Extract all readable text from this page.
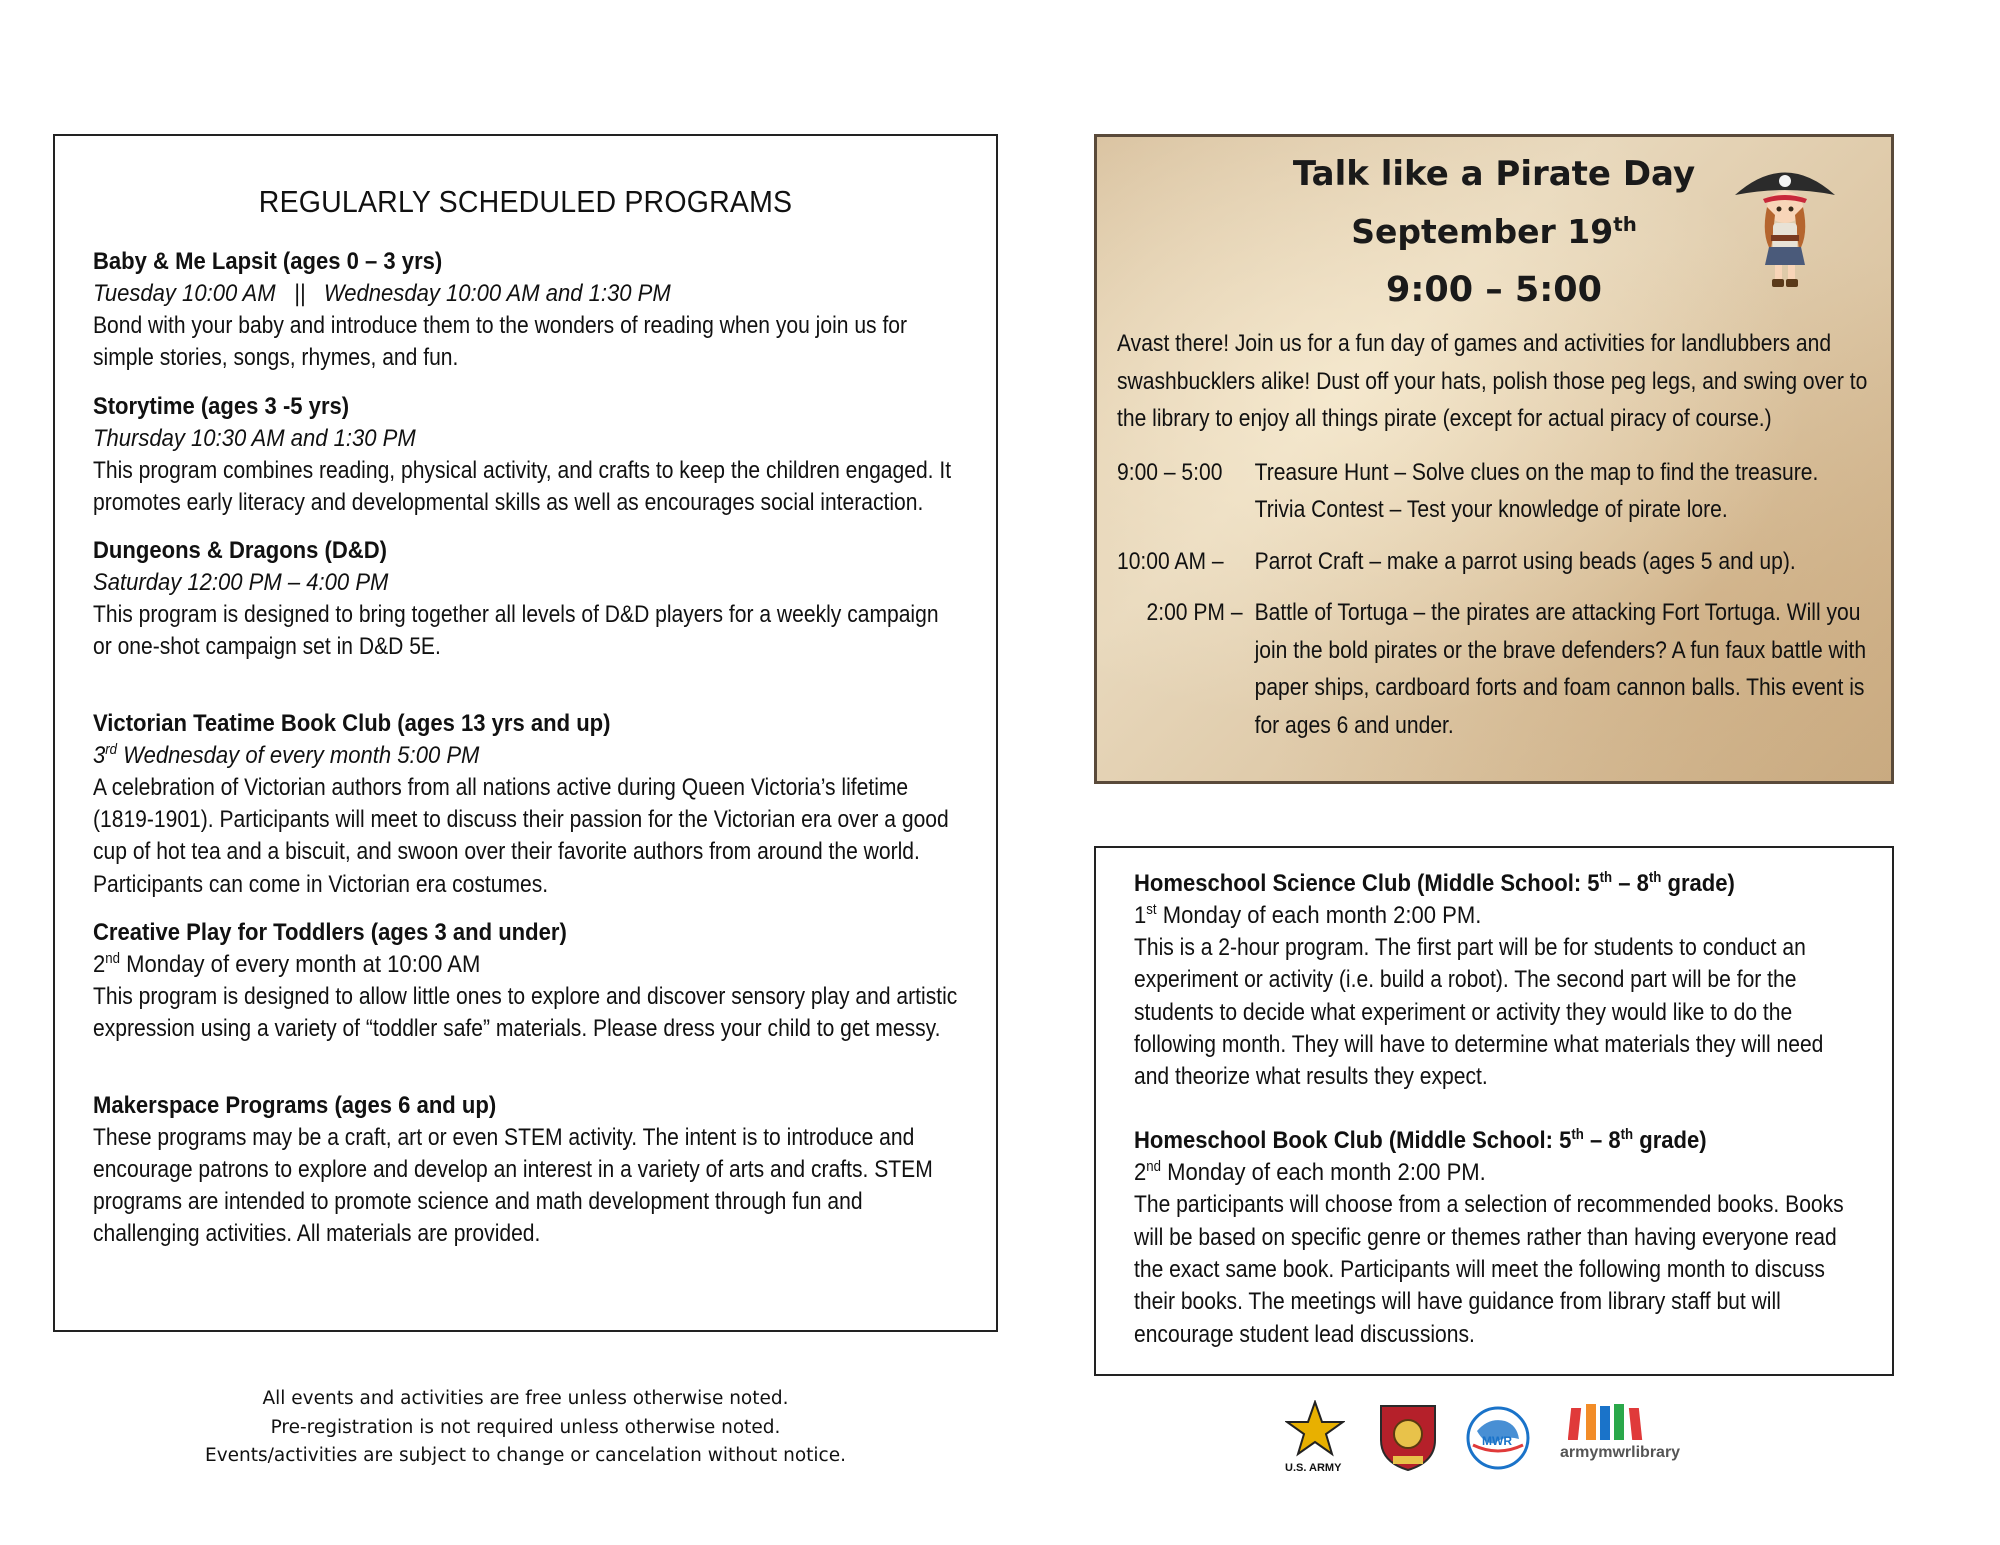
REGULARLY SCHEDULED PROGRAMS
Baby & Me Lapsit (ages 0 – 3 yrs)
Tuesday 10:00 AM   ||   Wednesday 10:00 AM and 1:30 PM
Bond with your baby and introduce them to the wonders of reading when you join us for simple stories, songs, rhymes, and fun.
Storytime (ages 3 -5 yrs)
Thursday 10:30 AM and 1:30 PM
This program combines reading, physical activity, and crafts to keep the children engaged. It promotes early literacy and developmental skills as well as encourages social interaction.
Dungeons & Dragons (D&D)
Saturday 12:00 PM – 4:00 PM
This program is designed to bring together all levels of D&D players for a weekly campaign or one-shot campaign set in D&D 5E.
Victorian Teatime Book Club (ages 13 yrs and up)
3rd Wednesday of every month 5:00 PM
A celebration of Victorian authors from all nations active during Queen Victoria’s lifetime (1819-1901). Participants will meet to discuss their passion for the Victorian era over a good cup of hot tea and a biscuit, and swoon over their favorite authors from around the world. Participants can come in Victorian era costumes.
Creative Play for Toddlers (ages 3 and under)
2nd Monday of every month at 10:00 AM
This program is designed to allow little ones to explore and discover sensory play and artistic expression using a variety of “toddler safe” materials. Please dress your child to get messy.
Makerspace Programs (ages 6 and up)
These programs may be a craft, art or even STEM activity. The intent is to introduce and encourage patrons to explore and develop an interest in a variety of arts and crafts. STEM programs are intended to promote science and math development through fun and challenging activities. All materials are provided.
Talk like a Pirate Day
September 19th
9:00 – 5:00
Avast there! Join us for a fun day of games and activities for landlubbers and swashbucklers alike! Dust off your hats, polish those peg legs, and swing over to the library to enjoy all things pirate (except for actual piracy of course.)
9:00 – 5:00	Treasure Hunt – Solve clues on the map to find the treasure.
Trivia Contest – Test your knowledge of pirate lore.
10:00 AM –	Parrot Craft – make a parrot using beads (ages 5 and up).
2:00 PM – Battle of Tortuga – the pirates are attacking Fort Tortuga. Will you join the bold pirates or the brave defenders? A fun faux battle with paper ships, cardboard forts and foam cannon balls. This event is for ages 6 and under.
Homeschool Science Club (Middle School: 5th – 8th grade)
1st Monday of each month 2:00 PM.
This is a 2-hour program. The first part will be for students to conduct an experiment or activity (i.e. build a robot). The second part will be for the students to decide what experiment or activity they would like to do the following month. They will have to determine what materials they will need and theorize what results they expect.
Homeschool Book Club (Middle School: 5th – 8th grade)
2nd Monday of each month 2:00 PM.
The participants will choose from a selection of recommended books. Books will be based on specific genre or themes rather than having everyone read the exact same book. Participants will meet the following month to discuss their books. The meetings will have guidance from library staff but will encourage student lead discussions.
All events and activities are free unless otherwise noted.
Pre-registration is not required unless otherwise noted.
Events/activities are subject to change or cancelation without notice.
U.S. ARMY
MWR
armymwrlibrary
